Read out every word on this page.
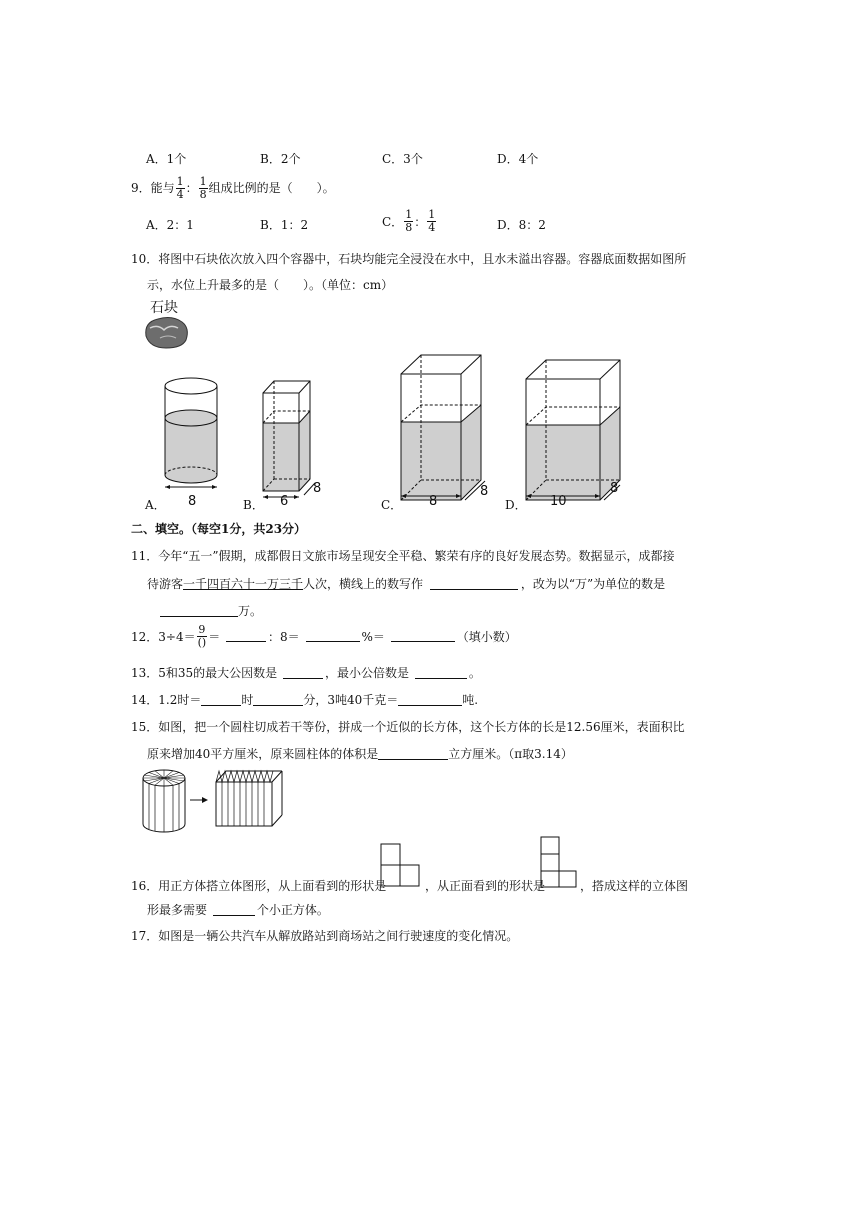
A．1个	B．2个	C．3个	D．4个
9．能与 $\frac{1}{4}$ ： $\frac{1}{8}$ 组成比例的是（　　）。
A．2：1	B．1：2	C． $\frac{1}{8}$ ： $\frac{1}{4}$	D．8：2
10．将图中石块依次放入四个容器中，石块均能完全浸没在水中，且水未溢出容器。容器底面数据如图所
示，水位上升最多的是（　　）。（单位：cm）
石块
A． 8	B． 6
8
C． 8
8
D． 10
8
二、填空。（每空1分，共23分）
11．今年“五一”假期，成都假日文旅市场呈现安全平稳、繁荣有序的良好发展态势。数据显示，成都接
待游客一千四百六十一万三千人次，横线上的数写作	，改为以“万”为单位的数是
万。
12．$3\div 4= \frac{9}{()}$ ＝	：8＝	%＝	（填小数）
13．5和35的最大公因数是	，最小公倍数是	。
14．1.2时＝	时	分，3吨40千克＝	吨.
15．如图，把一个圆柱切成若干等份，拼成一个近似的长方体，这个长方体的长是12.56厘米，表面积比
原来增加40平方厘米，原来圆柱体的体积是	立方厘米。（π取3.14）
16．用正方体搭立体图形，从上面看到的形状是	，从正面看到的形状是	，搭成这样的立体图
形最多需要	个小正方体。
17．如图是一辆公共汽车从解放路站到商场站之间行驶速度的变化情况。
